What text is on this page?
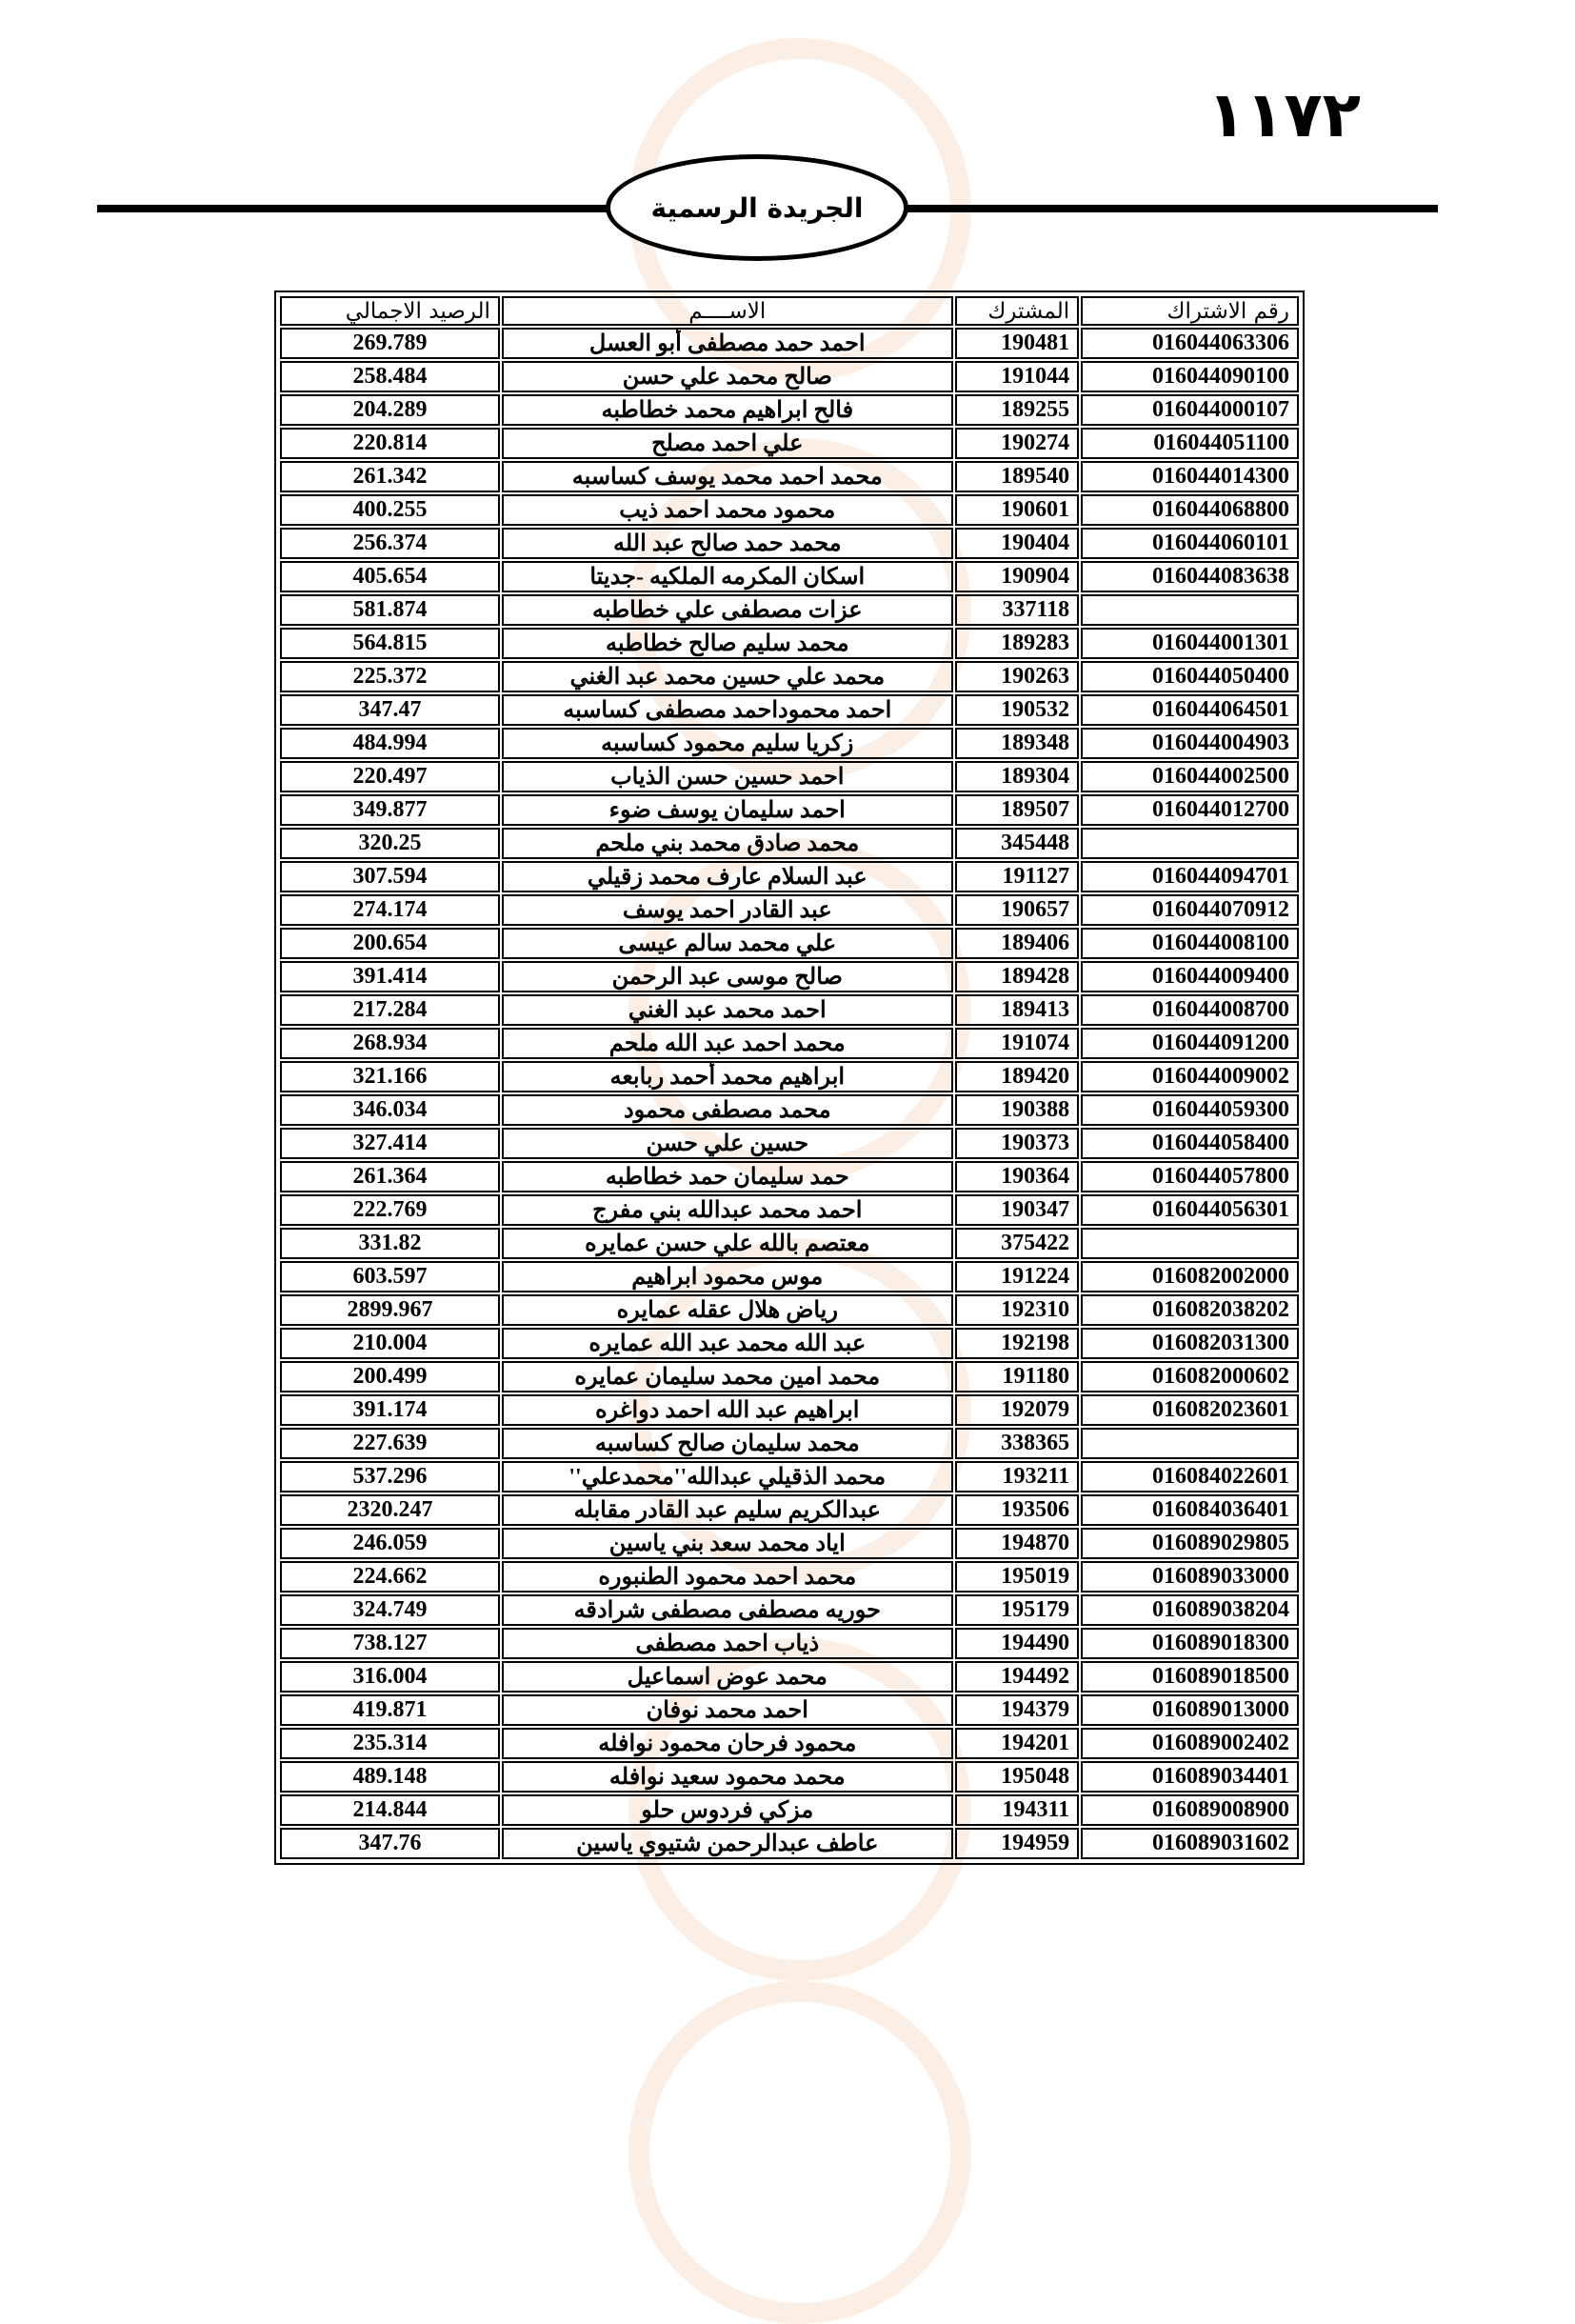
١١٧٢
الجريدة الرسمية
رقم الاشتراك	المشترك	الاســــم	الرصيد الاجمالي
016044063306	190481	احمد حمد مصطفى أبو العسل	269.789
016044090100	191044	صالح محمد علي حسن	258.484
016044000107	189255	فالح ابراهيم محمد خطاطبه	204.289
016044051100	190274	علي احمد مصلح	220.814
016044014300	189540	محمد احمد محمد يوسف كساسبه	261.342
016044068800	190601	محمود محمد احمد ذيب	400.255
016044060101	190404	محمد حمد صالح عبد الله	256.374
016044083638	190904	اسكان المكرمه الملكيه -جديتا	405.654
	337118	عزات مصطفى علي خطاطبه	581.874
016044001301	189283	محمد سليم صالح خطاطبه	564.815
016044050400	190263	محمد علي حسين محمد عبد الغني	225.372
016044064501	190532	احمد محموداحمد مصطفى كساسبه	347.47
016044004903	189348	زكريا سليم محمود كساسبه	484.994
016044002500	189304	احمد حسين حسن الذياب	220.497
016044012700	189507	احمد سليمان يوسف ضوء	349.877
	345448	محمد صادق محمد بني ملحم	320.25
016044094701	191127	عبد السلام عارف محمد زقيلي	307.594
016044070912	190657	عبد القادر احمد يوسف	274.174
016044008100	189406	علي محمد سالم عيسى	200.654
016044009400	189428	صالح موسى عبد الرحمن	391.414
016044008700	189413	احمد محمد عبد الغني	217.284
016044091200	191074	محمد احمد عبد الله ملحم	268.934
016044009002	189420	ابراهيم محمد أحمد ربابعه	321.166
016044059300	190388	محمد مصطفى محمود	346.034
016044058400	190373	حسين علي حسن	327.414
016044057800	190364	حمد سليمان حمد خطاطبه	261.364
016044056301	190347	احمد محمد عبدالله بني مفرج	222.769
	375422	معتصم بالله علي حسن عمايره	331.82
016082002000	191224	موس محمود ابراهيم	603.597
016082038202	192310	رياض هلال عقله عمايره	2899.967
016082031300	192198	عبد الله محمد عبد الله عمايره	210.004
016082000602	191180	محمد امين محمد سليمان عمايره	200.499
016082023601	192079	ابراهيم عبد الله احمد دواغره	391.174
	338365	محمد سليمان صالح كساسبه	227.639
016084022601	193211	محمد الذقيلي عبدالله''محمدعلي''	537.296
016084036401	193506	عبدالكريم سليم عبد القادر مقابله	2320.247
016089029805	194870	اياد محمد سعد بني ياسين	246.059
016089033000	195019	محمد احمد محمود الطنبوره	224.662
016089038204	195179	حوريه مصطفى مصطفى شرادقه	324.749
016089018300	194490	ذياب احمد مصطفى	738.127
016089018500	194492	محمد عوض اسماعيل	316.004
016089013000	194379	احمد محمد نوفان	419.871
016089002402	194201	محمود فرحان محمود نوافله	235.314
016089034401	195048	محمد محمود سعيد نوافله	489.148
016089008900	194311	مزكي فردوس حلو	214.844
016089031602	194959	عاطف عبدالرحمن شتيوي ياسين	347.76
